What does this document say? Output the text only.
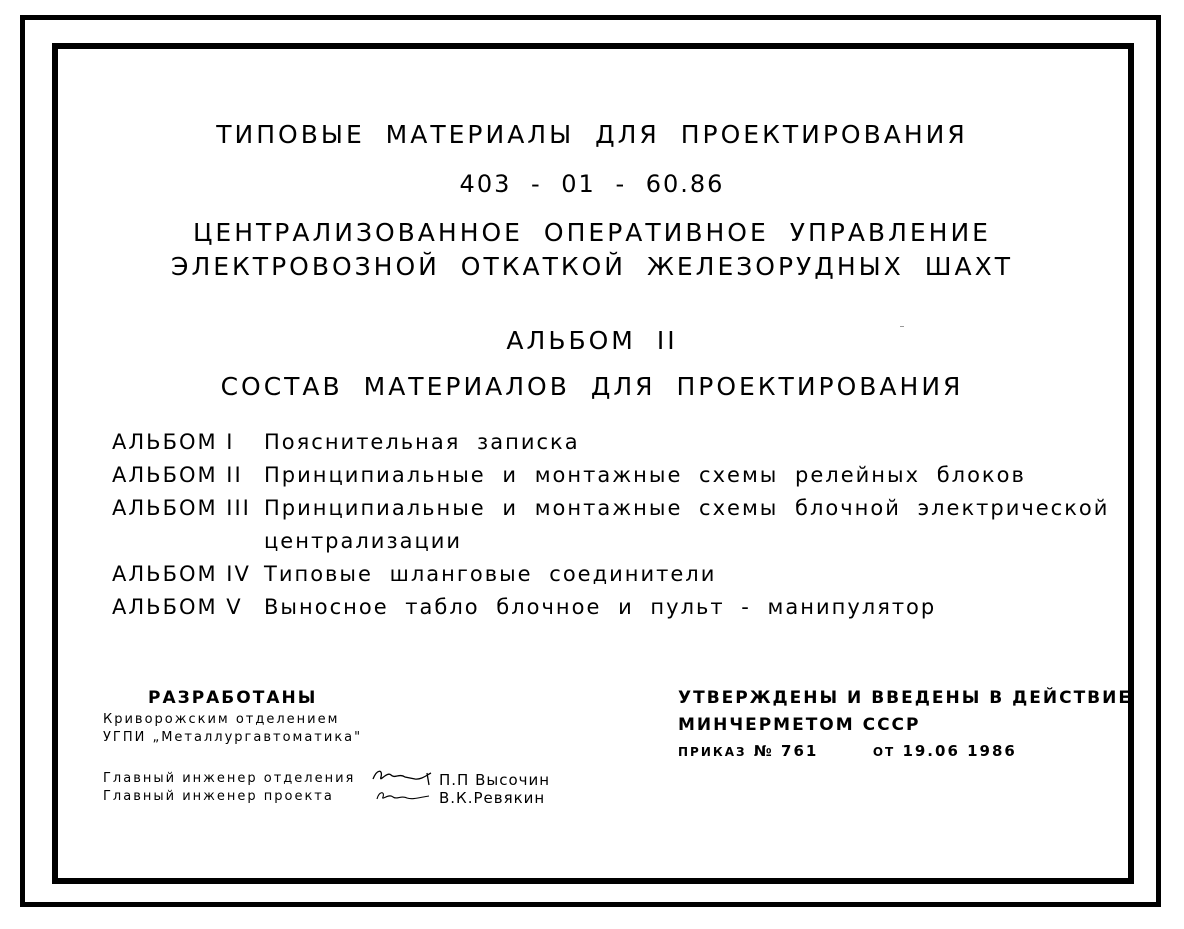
ТИПОВЫЕ МАТЕРИАЛЫ ДЛЯ ПРОЕКТИРОВАНИЯ
403 - 01 - 60.86
ЦЕНТРАЛИЗОВАННОЕ ОПЕРАТИВНОЕ УПРАВЛЕНИЕ
ЭЛЕКТРОВОЗНОЙ ОТКАТКОЙ ЖЕЛЕЗОРУДНЫХ ШАХТ
АЛЬБОМ II
СОСТАВ МАТЕРИАЛОВ ДЛЯ ПРОЕКТИРОВАНИЯ
АЛЬБОМ I Пояснительная записка
АЛЬБОМ II Принципиальные и монтажные схемы релейных блоков
АЛЬБОМ III Принципиальные и монтажные схемы блочной электрической
централизации
АЛЬБОМ IV Типовые шланговые соединители
АЛЬБОМ V Выносное табло блочное и пульт - манипулятор
РАЗРАБОТАНЫ
Криворожским отделением
УГПИ „Металлургавтоматика"
Главный инженер отделения	П.П Высочин
Главный инженер проекта	В.К.Ревякин
УТВЕРЖДЕНЫ И ВВЕДЕНЫ В ДЕЙСТВИЕ
МИНЧЕРМЕТОМ СССР
ПРИКАЗ № 761	ОТ 19.06 1986
